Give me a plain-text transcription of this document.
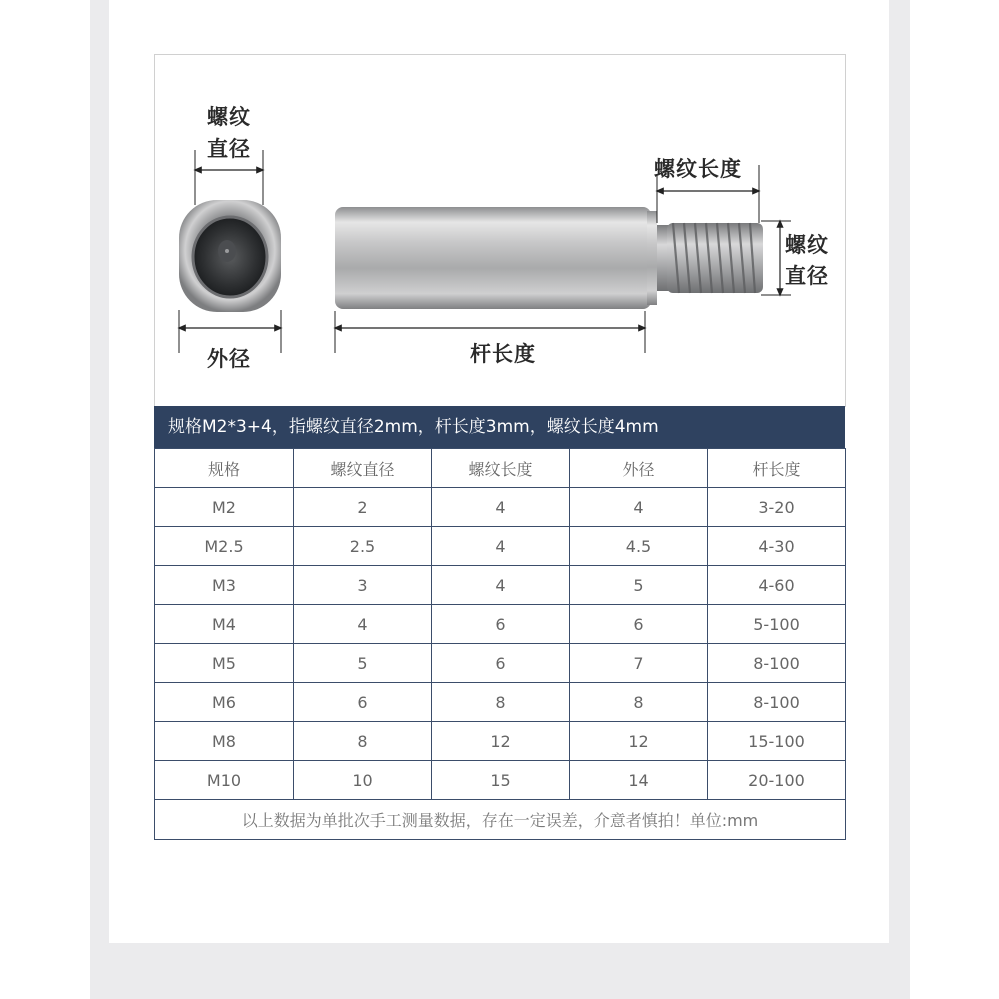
螺纹
直径
外径
螺纹长度
螺纹
直径
杆长度
规格M2*3+4，指螺纹直径2mm，杆长度3mm，螺纹长度4mm
规格	螺纹直径	螺纹长度	外径	杆长度
M2	2	4	4	3-20
M2.5	2.5	4	4.5	4-30
M3	3	4	5	4-60
M4	4	6	6	5-100
M5	5	6	7	8-100
M6	6	8	8	8-100
M8	8	12	12	15-100
M10	10	15	14	20-100
以上数据为单批次手工测量数据，存在一定误差，介意者慎拍！单位:mm				
